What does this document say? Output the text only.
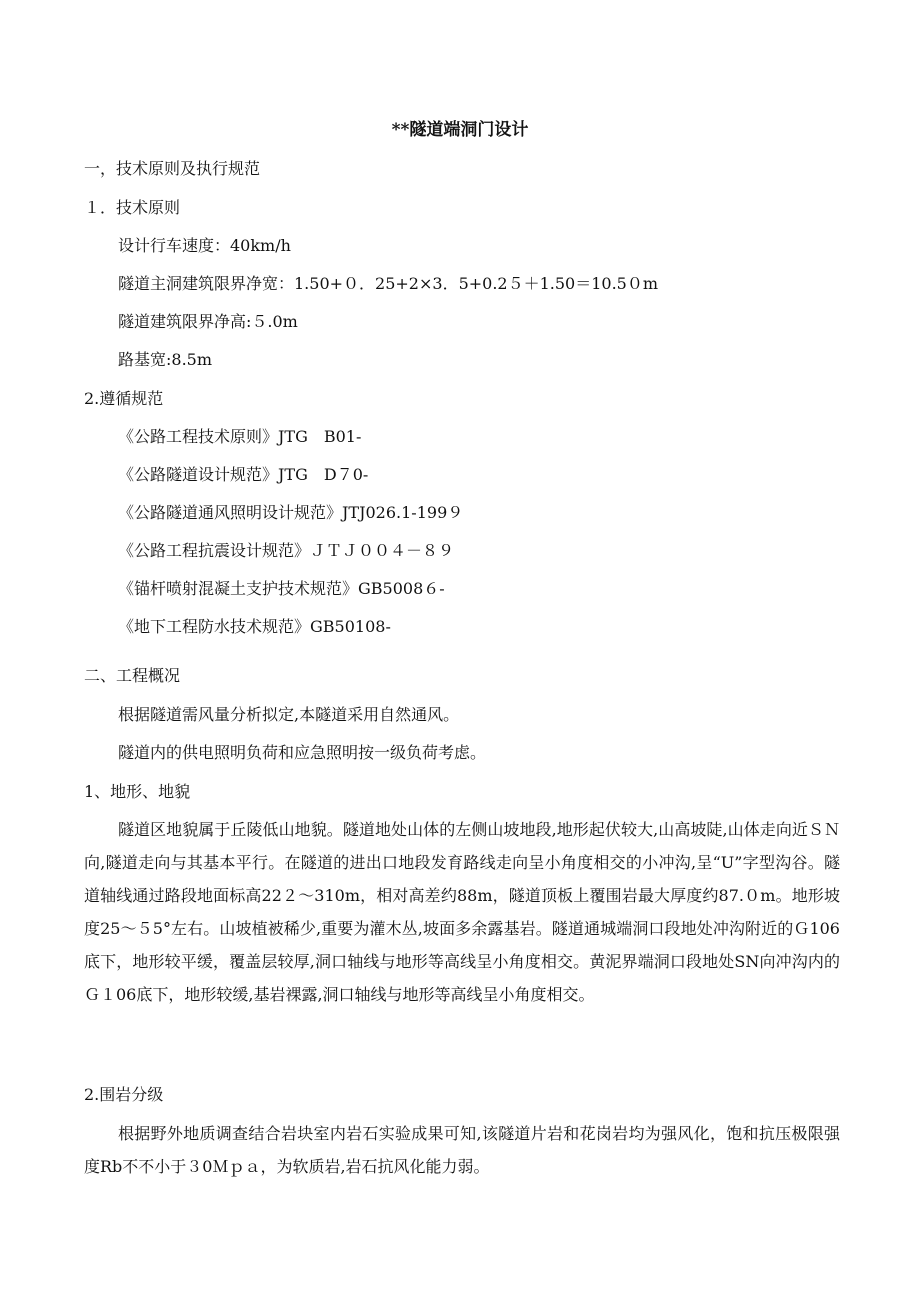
**隧道端洞门设计
一，技术原则及执行规范
１．技术原则
设计行车速度：40km/h
隧道主洞建筑限界净宽：1.50+０．25+2×3．5+0.2５＋1.50＝10.5０m
隧道建筑限界净高:５.0m
路基宽:8.5m
2.遵循规范
《公路工程技术原则》JTG　B01-
《公路隧道设计规范》JTG　D７0-
《公路隧道通风照明设计规范》JTJ026.1-199９
《公路工程抗震设计规范》ＪＴＪ００４－８９
《锚杆喷射混凝土支护技术规范》GB5008６-
《地下工程防水技术规范》GB50108-
二、工程概况
根据隧道需风量分析拟定,本隧道采用自然通风。
隧道内的供电照明负荷和应急照明按一级负荷考虑。
1、地形、地貌

隧道区地貌属于丘陵低山地貌。隧道地处山体的左侧山坡地段,地形起伏较大,山高坡陡,山体走向近ＳＮ向,隧道走向与其基本平行。在隧道的进出口地段发育路线走向呈小角度相交的小冲沟,呈“U”字型沟谷。隧道轴线通过路段地面标高22２～310m，相对高差约88m，隧道顶板上覆围岩最大厚度约87.０m。地形坡度25～５5°左右。山坡植被稀少,重要为灌木丛,坡面多余露基岩。隧道通城端洞口段地处冲沟附近的Ｇ106底下，地形较平缓，覆盖层较厚,洞口轴线与地形等高线呈小角度相交。黄泥界端洞口段地处SN向冲沟内的Ｇ１06底下，地形较缓,基岩裸露,洞口轴线与地形等高线呈小角度相交。

2.围岩分级

根据野外地质调查结合岩块室内岩石实验成果可知,该隧道片岩和花岗岩均为强风化，饱和抗压极限强度Rb不不小于３0Ｍｐａ，为软质岩,岩石抗风化能力弱。
